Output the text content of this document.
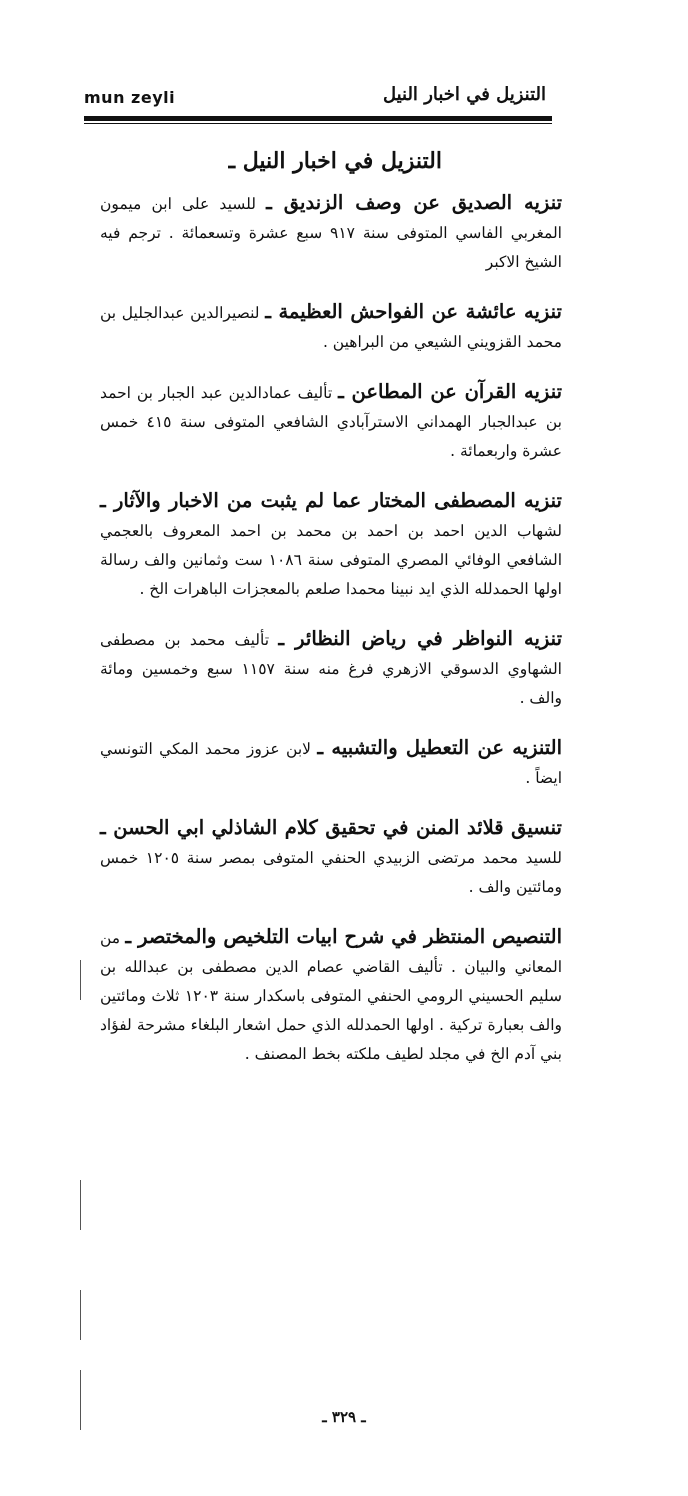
mun zeyli	التنزيل في اخبار النيل
التنزيل في اخبار النيل ـ

تنزيه الصديق عن وصف الزنديق ـ للسيد على ابن ميمون المغربي الفاسي المتوفى سنة ٩١٧ سبع عشرة وتسعمائة . ترجم فيه الشيخ الاكبر

تنزيه عائشة عن الفواحش العظيمة ـ لنصيرالدين عبدالجليل بن محمد القزويني الشيعي من البراهين .

تنزيه القرآن عن المطاعن ـ تأليف عمادالدين عبد الجبار بن احمد بن عبدالجبار الهمداني الاسترآبادي الشافعي المتوفى سنة ٤١٥ خمس عشرة واربعمائة .

تنزيه المصطفى المختار عما لم يثبت من الاخبار والآثار ـ لشهاب الدين احمد بن احمد بن محمد بن احمد المعروف بالعجمي الشافعي الوفائي المصري المتوفى سنة ١٠٨٦ ست وثمانين والف رسالة اولها الحمدلله الذي ايد نبينا محمدا صلعم بالمعجزات الباهرات الخ .

تنزيه النواظر في رياض النظائر ـ تأليف محمد بن مصطفى الشهاوي الدسوقي الازهري فرغ منه سنة ١١٥٧ سبع وخمسين ومائة والف .

التنزيه عن التعطيل والتشبيه ـ لابن عزوز محمد المكي التونسي ايضاً .

تنسيق قلائد المنن في تحقيق كلام الشاذلي ابي الحسن ـ للسيد محمد مرتضى الزبيدي الحنفي المتوفى بمصر سنة ١٢٠٥ خمس ومائتين والف .

التنصيص المنتظر في شرح ابيات التلخيص والمختصر ـ من المعاني والبيان . تأليف القاضي عصام الدين مصطفى بن عبدالله بن سليم الحسيني الرومي الحنفي المتوفى باسكدار سنة ١٢٠٣ ثلاث ومائتين والف بعبارة تركية . اولها الحمدلله الذي حمل اشعار البلغاء مشرحة لفؤاد بني آدم الخ في مجلد لطيف ملكته بخط المصنف .

ـ ٣٢٩ ـ
